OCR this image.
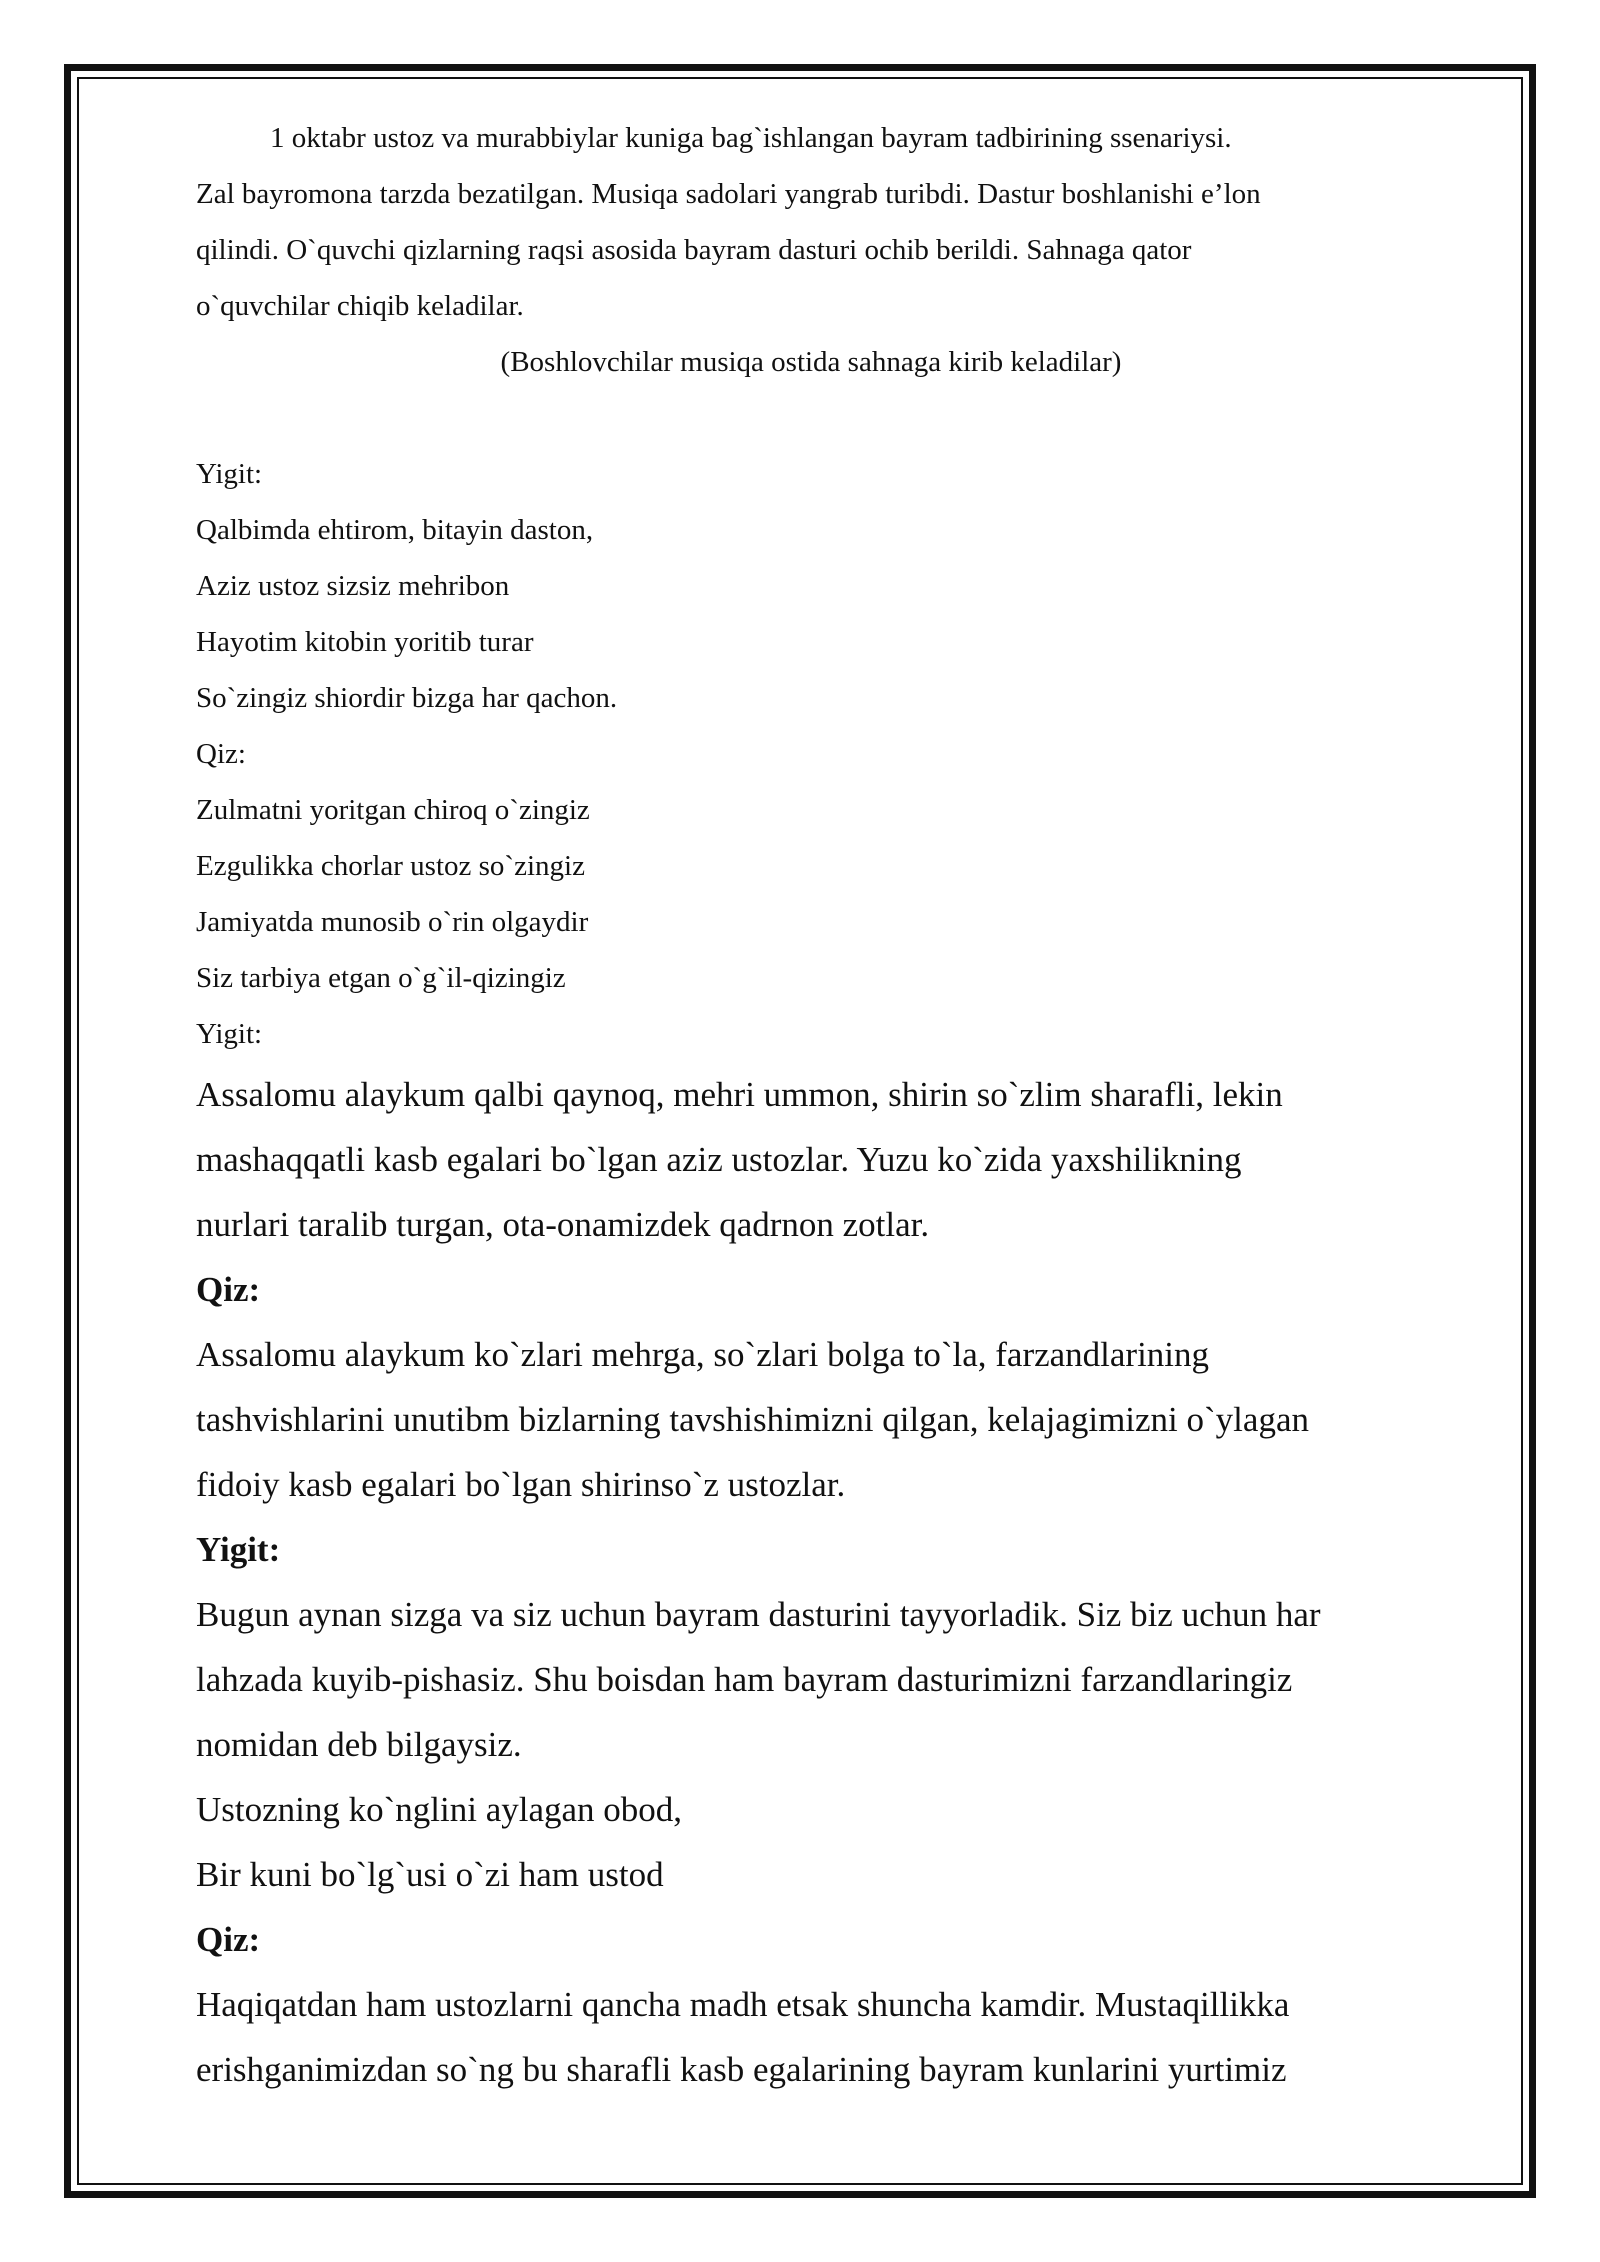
1 oktabr ustoz va murabbiylar kuniga bag`ishlangan bayram tadbirining ssenariysi.

Zal bayromona tarzda bezatilgan. Musiqa sadolari yangrab turibdi. Dastur boshlanishi e’lon

qilindi. O`quvchi qizlarning raqsi asosida bayram dasturi ochib berildi. Sahnaga qator

o`quvchilar chiqib keladilar.

(Boshlovchilar musiqa ostida sahnaga kirib keladilar)

Yigit:

Qalbimda ehtirom, bitayin daston,

Aziz ustoz sizsiz mehribon

Hayotim kitobin yoritib turar

So`zingiz shiordir bizga har qachon.

Qiz:

Zulmatni yoritgan chiroq o`zingiz

Ezgulikka chorlar ustoz so`zingiz

Jamiyatda munosib o`rin olgaydir

Siz tarbiya etgan o`g`il-qizingiz

Yigit:

Assalomu alaykum qalbi qaynoq, mehri ummon, shirin so`zlim sharafli, lekin

mashaqqatli kasb egalari bo`lgan aziz ustozlar. Yuzu ko`zida yaxshilikning

nurlari taralib turgan, ota-onamizdek qadrnon zotlar.

Qiz:

Assalomu alaykum ko`zlari mehrga, so`zlari bolga to`la, farzandlarining

tashvishlarini unutibm bizlarning tavshishimizni qilgan, kelajagimizni o`ylagan

fidoiy kasb egalari bo`lgan shirinso`z ustozlar.

Yigit:

Bugun aynan sizga va siz uchun bayram dasturini tayyorladik. Siz biz uchun har

lahzada kuyib-pishasiz. Shu boisdan ham bayram dasturimizni farzandlaringiz

nomidan deb bilgaysiz.

Ustozning ko`nglini aylagan obod,

Bir kuni bo`lg`usi o`zi ham ustod

Qiz:

Haqiqatdan ham ustozlarni qancha madh etsak shuncha kamdir. Mustaqillikka

erishganimizdan so`ng bu sharafli kasb egalarining bayram kunlarini yurtimiz
